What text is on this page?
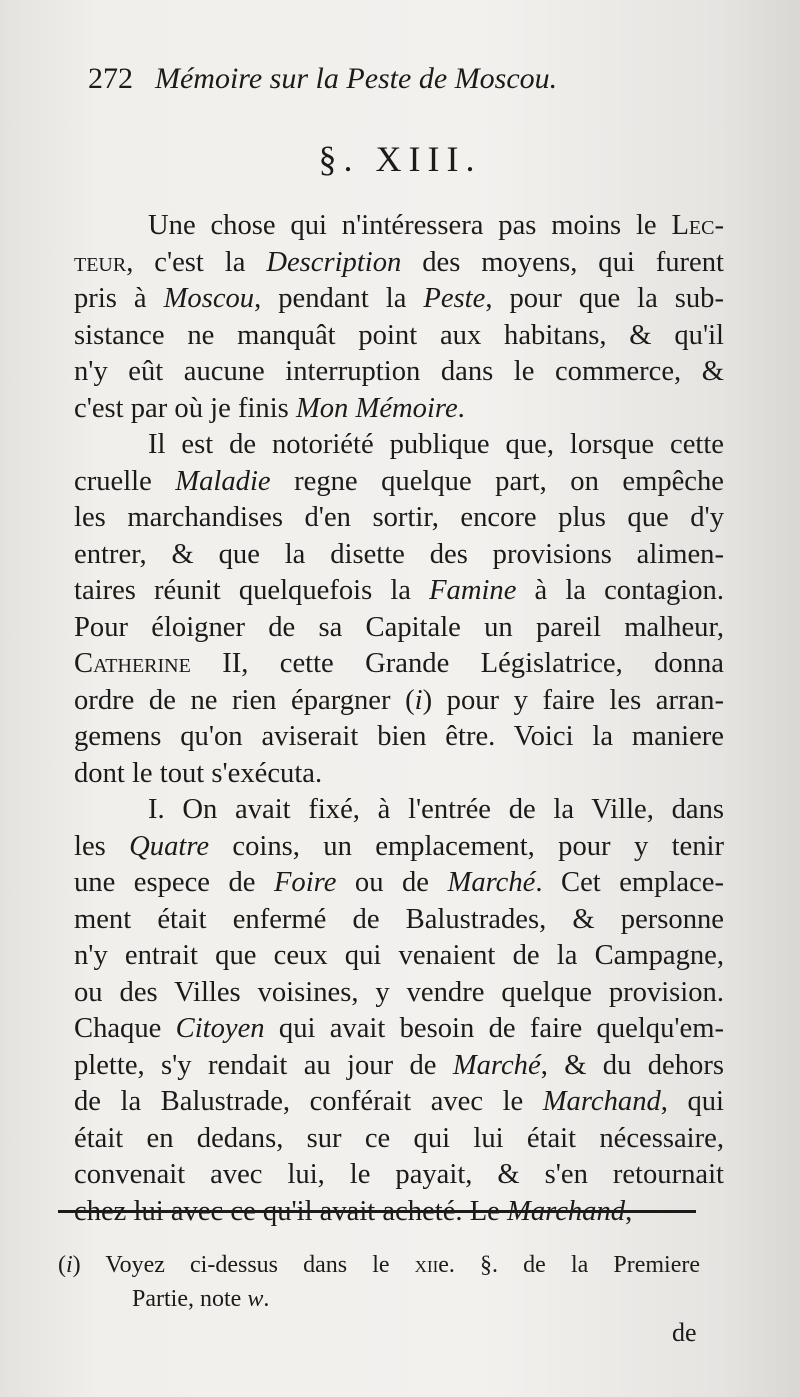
272 Mémoire sur la Peste de Moscou.
§. XIII.
Une chose qui n'intéressera pas moins le Lec-
teur, c'est la Description des moyens, qui furent
pris à Moscou, pendant la Peste, pour que la sub-
sistance ne manquât point aux habitans, & qu'il
n'y eût aucune interruption dans le commerce, &
c'est par où je finis Mon Mémoire.
Il est de notoriété publique que, lorsque cette
cruelle Maladie regne quelque part, on empêche
les marchandises d'en sortir, encore plus que d'y
entrer, & que la disette des provisions alimen-
taires réunit quelquefois la Famine à la contagion.
Pour éloigner de sa Capitale un pareil malheur,
Catherine II, cette Grande Législatrice, donna
ordre de ne rien épargner (i) pour y faire les arran-
gemens qu'on aviserait bien être. Voici la maniere
dont le tout s'exécuta.
I. On avait fixé, à l'entrée de la Ville, dans
les Quatre coins, un emplacement, pour y tenir
une espece de Foire ou de Marché. Cet emplace-
ment était enfermé de Balustrades, & personne
n'y entrait que ceux qui venaient de la Campagne,
ou des Villes voisines, y vendre quelque provision.
Chaque Citoyen qui avait besoin de faire quelqu'em-
plette, s'y rendait au jour de Marché, & du dehors
de la Balustrade, conférait avec le Marchand, qui
était en dedans, sur ce qui lui était nécessaire,
convenait avec lui, le payait, & s'en retournait
chez lui avec ce qu'il avait acheté. Le Marchand,
(i) Voyez ci-dessus dans le xiie. §. de la Premiere
Partie, note w.
de
